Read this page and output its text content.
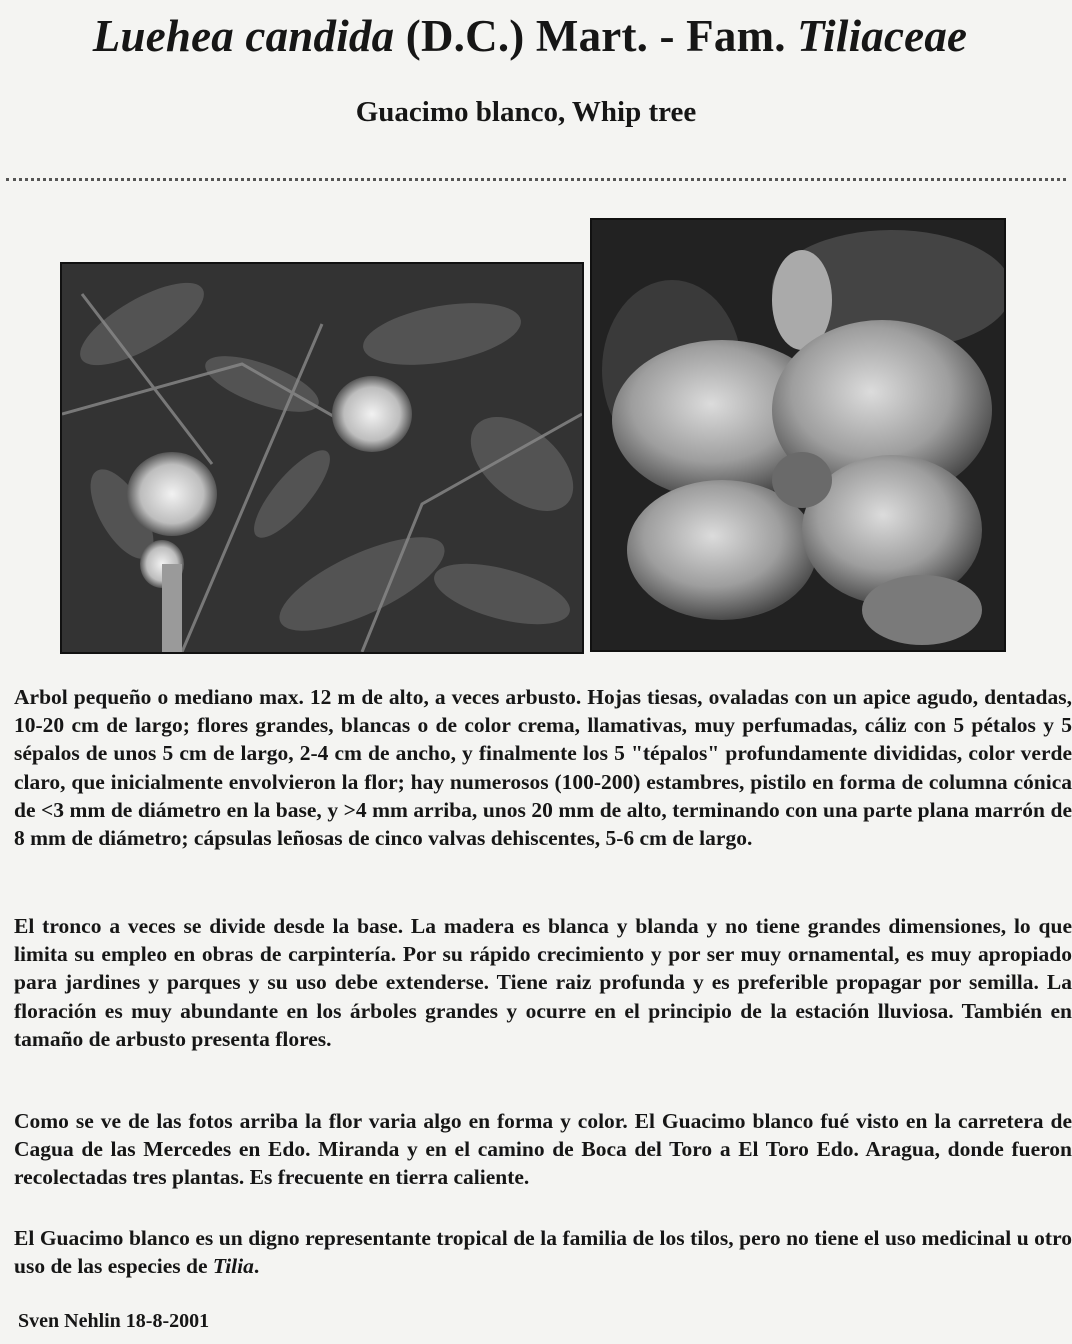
Luehea candida (D.C.) Mart. - Fam. Tiliaceae
Guacimo blanco, Whip tree

Arbol pequeño o mediano max. 12 m de alto, a veces arbusto. Hojas tiesas, ovaladas con un apice agudo, dentadas, 10-20 cm de largo; flores grandes, blancas o de color crema, llamativas, muy perfumadas, cáliz con 5 pétalos y 5 sépalos de unos 5 cm de largo, 2-4 cm de ancho, y finalmente los 5 "tépalos" profundamente divididas, color verde claro, que inicialmente envolvieron la flor; hay numerosos (100-200) estambres, pistilo en forma de columna cónica de <3 mm de diámetro en la base, y >4 mm arriba, unos 20 mm de alto, terminando con una parte plana marrón de 8 mm de diámetro; cápsulas leñosas de cinco valvas dehiscentes, 5-6 cm de largo.

El tronco a veces se divide desde la base. La madera es blanca y blanda y no tiene grandes dimensiones, lo que limita su empleo en obras de carpintería. Por su rápido crecimiento y por ser muy ornamental, es muy apropiado para jardines y parques y su uso debe extenderse. Tiene raiz profunda y es preferible propagar por semilla. La floración es muy abundante en los árboles grandes y ocurre en el principio de la estación lluviosa. También en tamaño de arbusto presenta flores.

Como se ve de las fotos arriba la flor varia algo en forma y color. El Guacimo blanco fué visto en la carretera de Cagua de las Mercedes en Edo. Miranda y en el camino de Boca del Toro a El Toro Edo. Aragua, donde fueron recolectadas tres plantas. Es frecuente en tierra caliente.

El Guacimo blanco es un digno representante tropical de la familia de los tilos, pero no tiene el uso medicinal u otro uso de las especies de Tilia.

Sven Nehlin 18-8-2001
